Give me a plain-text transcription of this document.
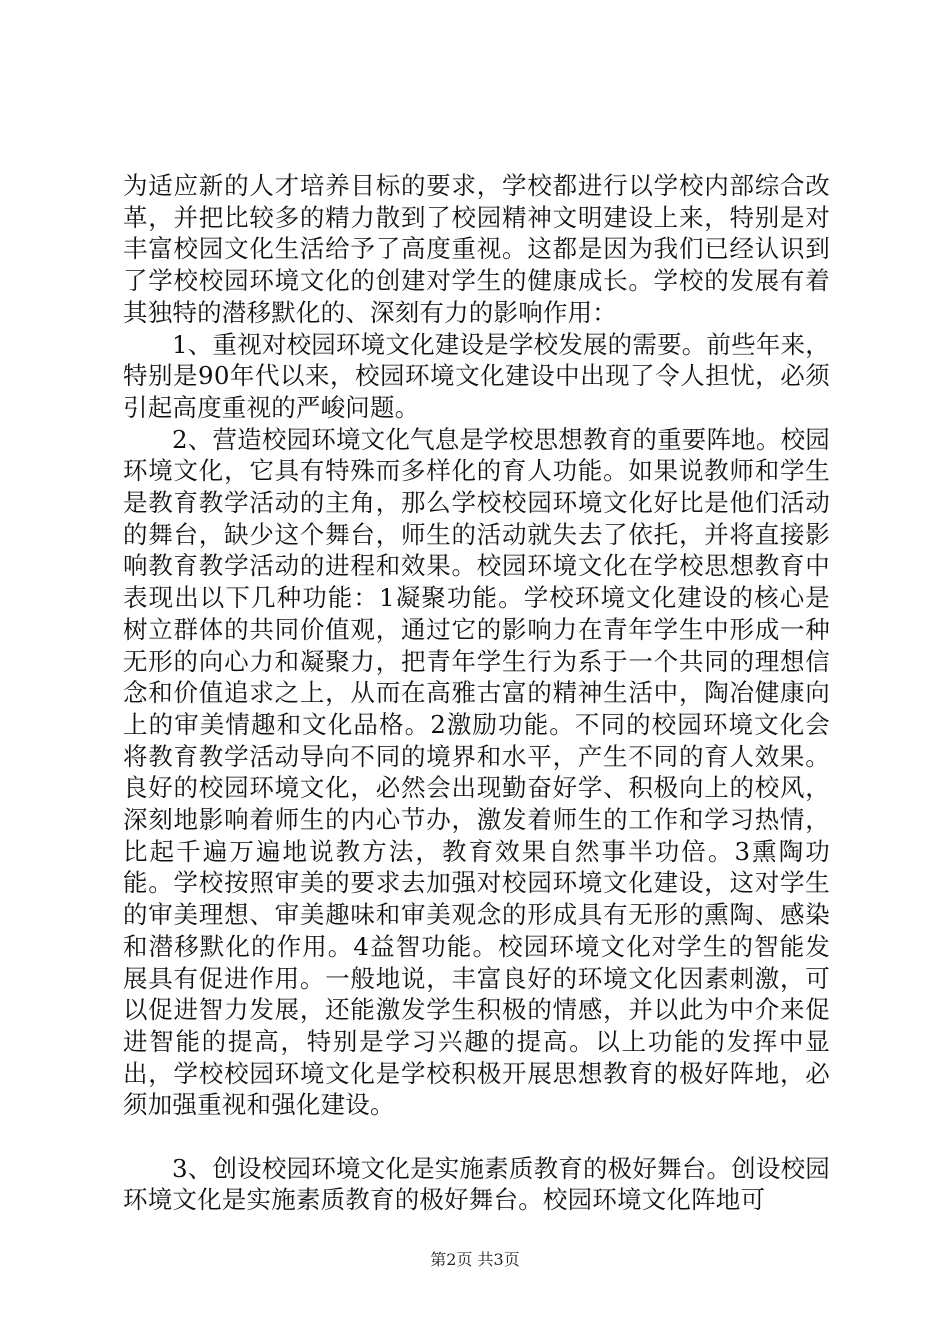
为适应新的人才培养目标的要求，学校都进行以学校内部综合改革，并把比较多的精力散到了校园精神文明建设上来，特别是对丰富校园文化生活给予了高度重视。这都是因为我们已经认识到了学校校园环境文化的创建对学生的健康成长。学校的发展有着其独特的潜移默化的、深刻有力的影响作用：

1、重视对校园环境文化建设是学校发展的需要。前些年来，特别是90年代以来，校园环境文化建设中出现了令人担忧，必须引起高度重视的严峻问题。

2、营造校园环境文化气息是学校思想教育的重要阵地。校园环境文化，它具有特殊而多样化的育人功能。如果说教师和学生是教育教学活动的主角，那么学校校园环境文化好比是他们活动的舞台，缺少这个舞台，师生的活动就失去了依托，并将直接影响教育教学活动的进程和效果。校园环境文化在学校思想教育中表现出以下几种功能：1凝聚功能。学校环境文化建设的核心是树立群体的共同价值观，通过它的影响力在青年学生中形成一种无形的向心力和凝聚力，把青年学生行为系于一个共同的理想信念和价值追求之上，从而在高雅古富的精神生活中，陶冶健康向上的审美情趣和文化品格。2激励功能。不同的校园环境文化会将教育教学活动导向不同的境界和水平，产生不同的育人效果。良好的校园环境文化，必然会出现勤奋好学、积极向上的校风，深刻地影响着师生的内心节办，激发着师生的工作和学习热情，比起千遍万遍地说教方法，教育效果自然事半功倍。3熏陶功能。学校按照审美的要求去加强对校园环境文化建设，这对学生的审美理想、审美趣味和审美观念的形成具有无形的熏陶、感染和潜移默化的作用。4益智功能。校园环境文化对学生的智能发展具有促进作用。一般地说，丰富良好的环境文化因素刺激，可以促进智力发展，还能激发学生积极的情感，并以此为中介来促进智能的提高，特别是学习兴趣的提高。以上功能的发挥中显出，学校校园环境文化是学校积极开展思想教育的极好阵地，必须加强重视和强化建设。

3、创设校园环境文化是实施素质教育的极好舞台。创设校园环境文化是实施素质教育的极好舞台。校园环境文化阵地可

第2页 共3页
